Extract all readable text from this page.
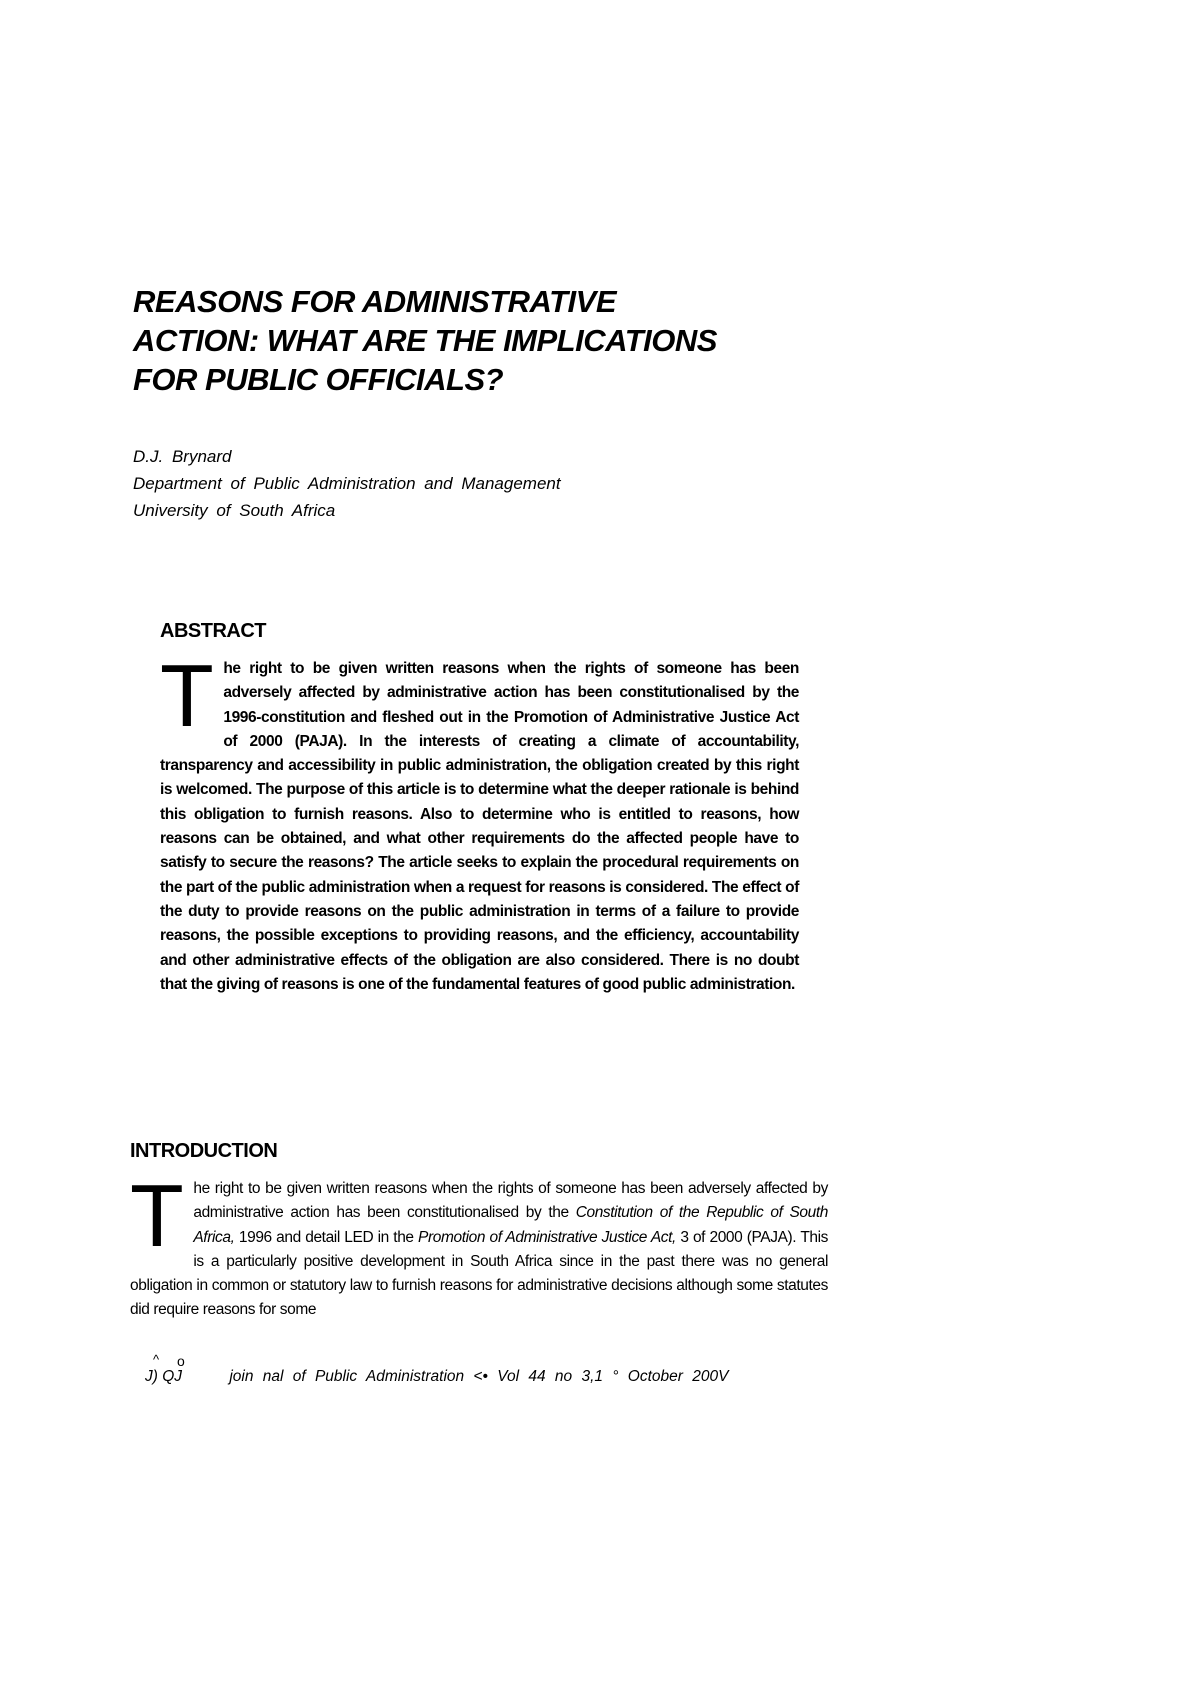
REASONS FOR ADMINISTRATIVE
ACTION: WHAT ARE THE IMPLICATIONS
FOR PUBLIC OFFICIALS?
D.J. Brynard
Department of Public Administration and Management
University of South Africa
ABSTRACT

The right to be given written reasons when the rights of someone has been adversely affected by administrative action has been constitutionalised by the 1996-constitution and fleshed out in the Promotion of Administrative Justice Act of 2000 (PAJA). In the interests of creating a climate of accountability, transparency and accessibility in public administration, the obligation created by this right is welcomed. The purpose of this article is to determine what the deeper rationale is behind this obligation to furnish reasons. Also to determine who is entitled to reasons, how reasons can be obtained, and what other requirements do the affected people have to satisfy to secure the reasons? The article seeks to explain the procedural requirements on the part of the public administration when a request for reasons is considered. The effect of the duty to provide reasons on the public administration in terms of a failure to provide reasons, the possible exceptions to providing reasons, and the efficiency, accountability and other administrative effects of the obligation are also considered. There is no doubt that the giving of reasons is one of the fundamental features of good public administration.

INTRODUCTION

The right to be given written reasons when the rights of someone has been adversely affected by administrative action has been constitutionalised by the Constitution of the Republic of South Africa, 1996 and detail LED in the Promotion of Administrative Justice Act, 3 of 2000 (PAJA). This is a particularly positive development in South Africa since in the past there was no general obligation in common or statutory law to furnish reasons for administrative decisions although some statutes did require reasons for some

^
J) QJ
o
join nal of Public Administration <• Vol 44 no 3,1 ° October 200V
